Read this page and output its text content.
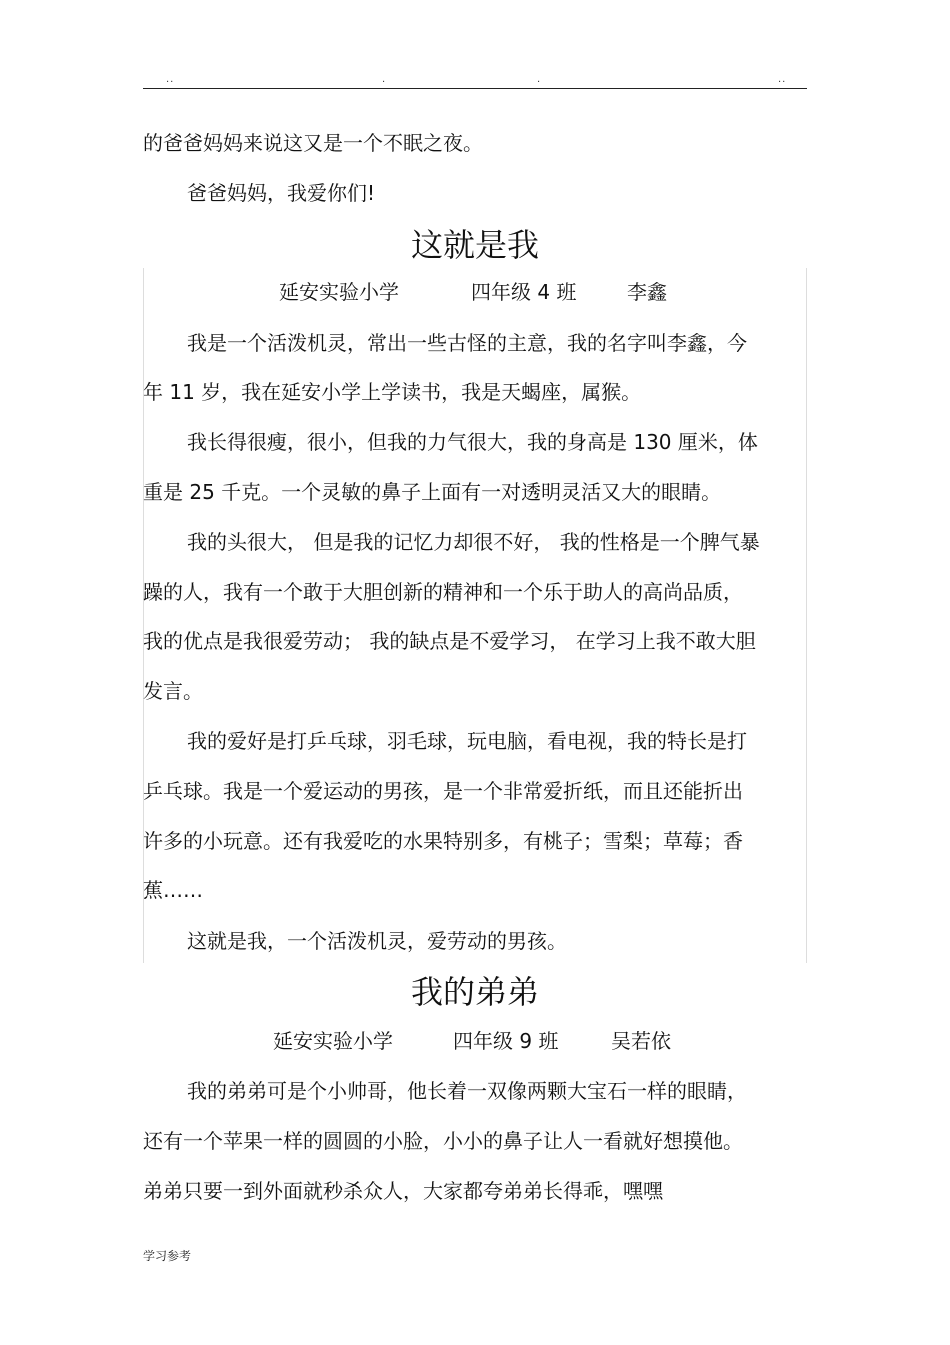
..	.	.	..
的爸爸妈妈来说这又是一个不眠之夜。
爸爸妈妈，我爱你们!
这就是我
延安实验小学	四年级 4 班	李鑫
我是一个活泼机灵，常出一些古怪的主意，我的名字叫李鑫，今
年 11 岁，我在延安小学上学读书，我是天蝎座，属猴。
我长得很瘦，很小，但我的力气很大，我的身高是 130 厘米，体
重是 25 千克。一个灵敏的鼻子上面有一对透明灵活又大的眼睛。
我的头很大， 但是我的记忆力却很不好， 我的性格是一个脾气暴
躁的人，我有一个敢于大胆创新的精神和一个乐于助人的高尚品质，
我的优点是我很爱劳动； 我的缺点是不爱学习， 在学习上我不敢大胆
发言。
我的爱好是打乒乓球，羽毛球，玩电脑，看电视，我的特长是打
乒乓球。我是一个爱运动的男孩，是一个非常爱折纸，而且还能折出
许多的小玩意。还有我爱吃的水果特别多，有桃子；雪梨；草莓；香
蕉……
这就是我，一个活泼机灵，爱劳动的男孩。
我的弟弟
延安实验小学	四年级 9 班	吴若依
我的弟弟可是个小帅哥，他长着一双像两颗大宝石一样的眼睛，
还有一个苹果一样的圆圆的小脸，小小的鼻子让人一看就好想摸他。
弟弟只要一到外面就秒杀众人，大家都夸弟弟长得乖，嘿嘿
学习参考
